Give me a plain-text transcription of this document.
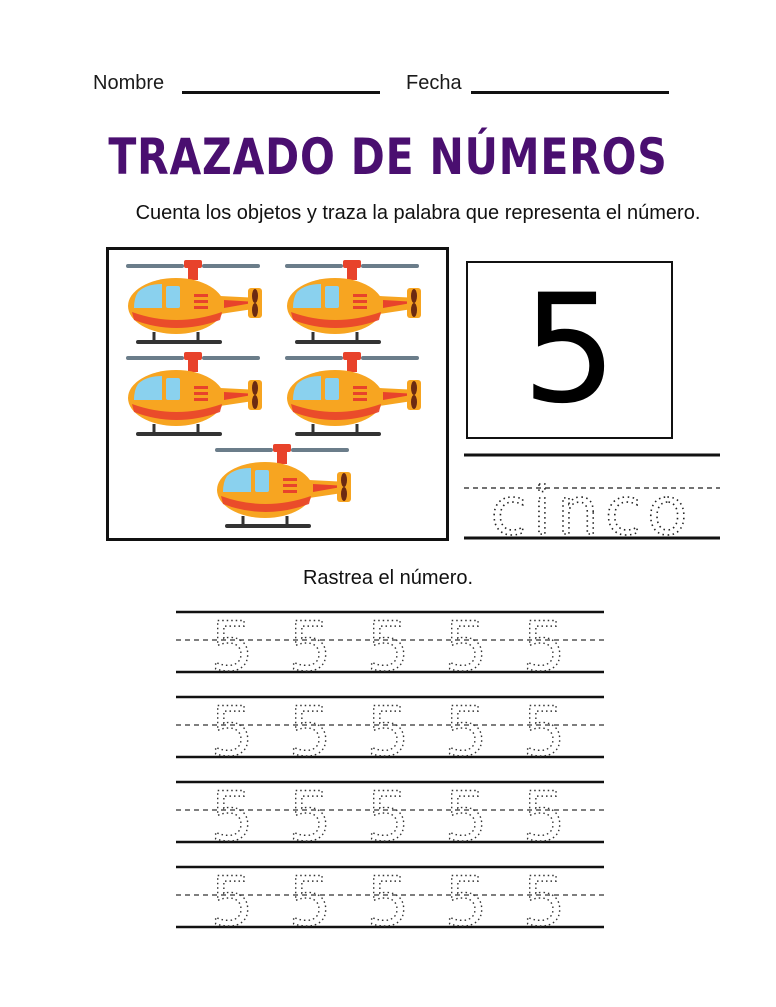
Nombre	Fecha
TRAZADO DE NÚMEROS
Cuenta los objetos y traza la palabra que representa el número.
5
cinco
Rastrea el número.
5 5 5 5 5
5 5 5 5 5
5 5 5 5 5
5 5 5 5 5
